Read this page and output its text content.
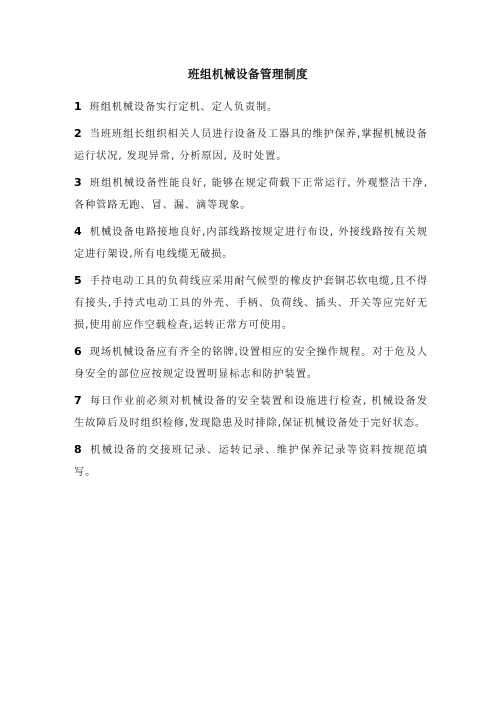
班组机械设备管理制度

1 班组机械设备实行定机、定人负责制。

2 当班班组长组织相关人员进行设备及工器具的维护保养,掌握机械设备运行状况, 发现异常, 分析原因, 及时处置。

3 班组机械设备性能良好, 能够在规定荷载下正常运行, 外观整洁干净, 各种管路无跑、冒、漏、滴等现象。

4 机械设备电路接地良好,内部线路按规定进行布设, 外接线路按有关规定进行架设,所有电线缆无破损。

5 手持电动工具的负荷线应采用耐气候型的橡皮护套铜芯软电缆,且不得有接头,手持式电动工具的外壳、手柄、负荷线、插头、开关等应完好无损,使用前应作空载检查,运转正常方可使用。

6 现场机械设备应有齐全的铭牌,设置相应的安全操作规程。对于危及人身安全的部位应按规定设置明显标志和防护装置。

7 每日作业前必须对机械设备的安全装置和设施进行检查, 机械设备发生故障后及时组织检修,发现隐患及时排除,保证机械设备处于完好状态。

8 机械设备的交接班记录、运转记录、维护保养记录等资料按规范填写。
